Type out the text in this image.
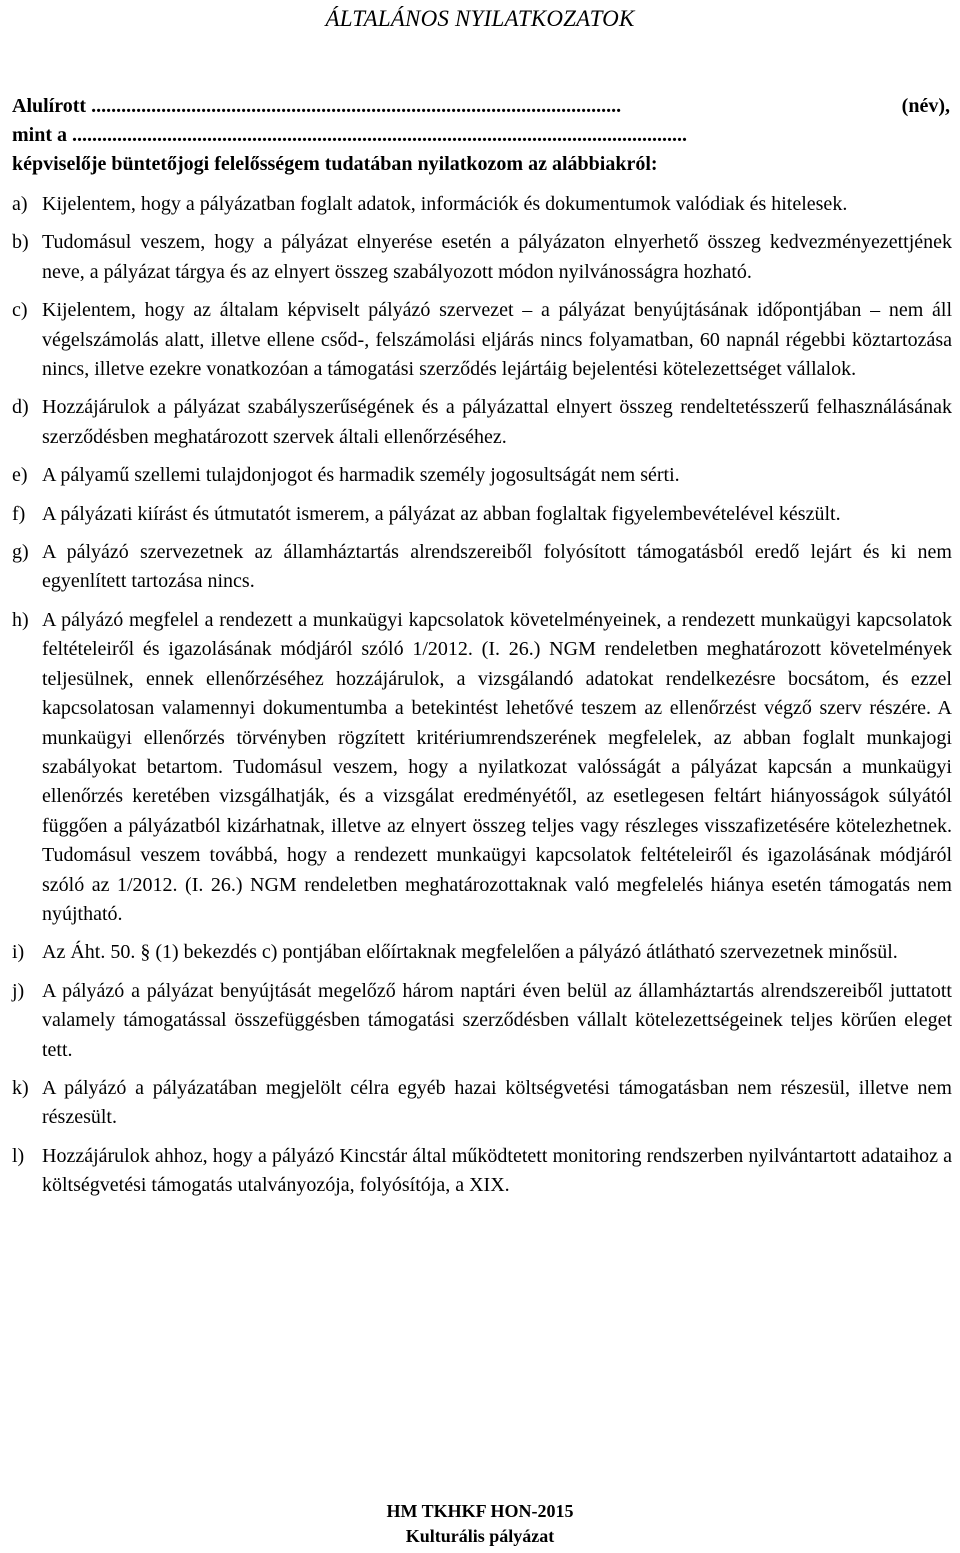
ÁLTALÁNOS NYILATKOZATOK
Alulírott ..........................................................................................................	(név),
mint a ...........................................................................................................................
képviselője büntetőjogi felelősségem tudatában nyilatkozom az alábbiakról:
a) Kijelentem, hogy a pályázatban foglalt adatok, információk és dokumentumok valódiak és hitelesek.
b) Tudomásul veszem, hogy a pályázat elnyerése esetén a pályázaton elnyerhető összeg kedvezményezettjének neve, a pályázat tárgya és az elnyert összeg szabályozott módon nyilvánosságra hozható.
c) Kijelentem, hogy az általam képviselt pályázó szervezet – a pályázat benyújtásának időpontjában – nem áll végelszámolás alatt, illetve ellene csőd-, felszámolási eljárás nincs folyamatban, 60 napnál régebbi köztartozása nincs, illetve ezekre vonatkozóan a támogatási szerződés lejártáig bejelentési kötelezettséget vállalok.
d) Hozzájárulok a pályázat szabályszerűségének és a pályázattal elnyert összeg rendeltetésszerű felhasználásának szerződésben meghatározott szervek általi ellenőrzéséhez.
e) A pályamű szellemi tulajdonjogot és harmadik személy jogosultságát nem sérti.
f) A pályázati kiírást és útmutatót ismerem, a pályázat az abban foglaltak figyelembevételével készült.
g) A pályázó szervezetnek az államháztartás alrendszereiből folyósított támogatásból eredő lejárt és ki nem egyenlített tartozása nincs.
h) A pályázó megfelel a rendezett a munkaügyi kapcsolatok követelményeinek, a rendezett munkaügyi kapcsolatok feltételeiről és igazolásának módjáról szóló 1/2012. (I. 26.) NGM rendeletben meghatározott követelmények teljesülnek, ennek ellenőrzéséhez hozzájárulok, a vizsgálandó adatokat rendelkezésre bocsátom, és ezzel kapcsolatosan valamennyi dokumentumba a betekintést lehetővé teszem az ellenőrzést végző szerv részére. A munkaügyi ellenőrzés törvényben rögzített kritériumrendszerének megfelelek, az abban foglalt munkajogi szabályokat betartom. Tudomásul veszem, hogy a nyilatkozat valósságát a pályázat kapcsán a munkaügyi ellenőrzés keretében vizsgálhatják, és a vizsgálat eredményétől, az esetlegesen feltárt hiányosságok súlyától függően a pályázatból kizárhatnak, illetve az elnyert összeg teljes vagy részleges visszafizetésére kötelezhetnek. Tudomásul veszem továbbá, hogy a rendezett munkaügyi kapcsolatok feltételeiről és igazolásának módjáról szóló az 1/2012. (I. 26.) NGM rendeletben meghatározottaknak való megfelelés hiánya esetén támogatás nem nyújtható.
i) Az Áht. 50. § (1) bekezdés c) pontjában előírtaknak megfelelően a pályázó átlátható szervezetnek minősül.
j) A pályázó a pályázat benyújtását megelőző három naptári éven belül az államháztartás alrendszereiből juttatott valamely támogatással összefüggésben támogatási szerződésben vállalt kötelezettségeinek teljes körűen eleget tett.
k) A pályázó a pályázatában megjelölt célra egyéb hazai költségvetési támogatásban nem részesül, illetve nem részesült.
l) Hozzájárulok ahhoz, hogy a pályázó Kincstár által működtetett monitoring rendszerben nyilvántartott adataihoz a költségvetési támogatás utalványozója, folyósítója, a XIX.
HM TKHKF HON-2015
Kulturális pályázat
